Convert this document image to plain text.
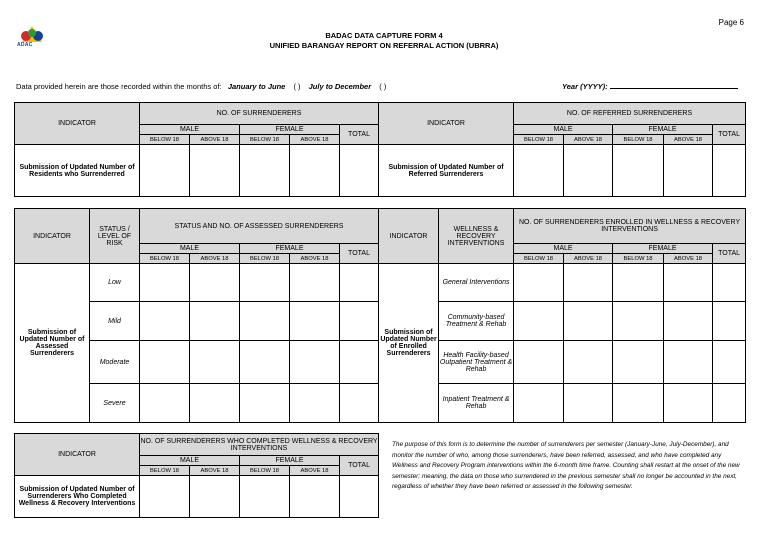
Page 6
ADAC
BADAC DATA CAPTURE FORM 4
UNIFIED BARANGAY REPORT ON REFERRAL ACTION (UBRRA)
Data provided herein are those recorded within the months of: January to June ( ) July to December ( )	Year (YYYY):
INDICATOR	NO. OF SURRENDERERS					INDICATOR	NO. OF REFERRED SURRENDERERS				
	MALE		FEMALE		TOTAL		MALE		FEMALE		TOTAL
	BELOW 18	ABOVE 18	BELOW 18	ABOVE 18			BELOW 18	ABOVE 18	BELOW 18	ABOVE 18	
Submission of Updated Number of Residents who Surrenderred						Submission of Updated Number of Referred Surrenderers					
INDICATOR	STATUS / LEVEL OF RISK	STATUS AND NO. OF ASSESSED SURRENDERERS					INDICATOR	WELLNESS & RECOVERY INTERVENTIONS	NO. OF SURRENDERERS ENROLLED IN WELLNESS & RECOVERY INTERVENTIONS				
		MALE		FEMALE		TOTAL			MALE		FEMALE		TOTAL
		BELOW 18	ABOVE 18	BELOW 18	ABOVE 18				BELOW 18	ABOVE 18	BELOW 18	ABOVE 18	
Submission of Updated Number of Assessed Surrenderers	Low						Submission of Updated Number of Enrolled Surrenderers	General Interventions					
	Mild							Community-based Treatment & Rehab					
	Moderate							Health Facility-based Outpatient Treatment & Rehab					
	Severe							Inpatient Treatment & Rehab					
INDICATOR	NO. OF SURRENDERERS WHO COMPLETED WELLNESS & RECOVERY INTERVENTIONS				
	MALE		FEMALE		TOTAL
	BELOW 18	ABOVE 18	BELOW 18	ABOVE 18	
Submission of Updated Number of Surrenderers Who Completed Wellness & Recovery Interventions					
The purpose of this form is to determine the number of surrenderers per semester (January-June, July-December), and monitor the number of who, among those surrenderers, have been referred, assessed, and who have completed any Wellness and Recovery Program interventions within the 6-month time frame. Counting shall restart at the onset of the new semester; meaning, the data on those who surrendered in the previous semester shall no longer be accounted in the next, regardless of whether they have been referred or assessed in the following semester.
